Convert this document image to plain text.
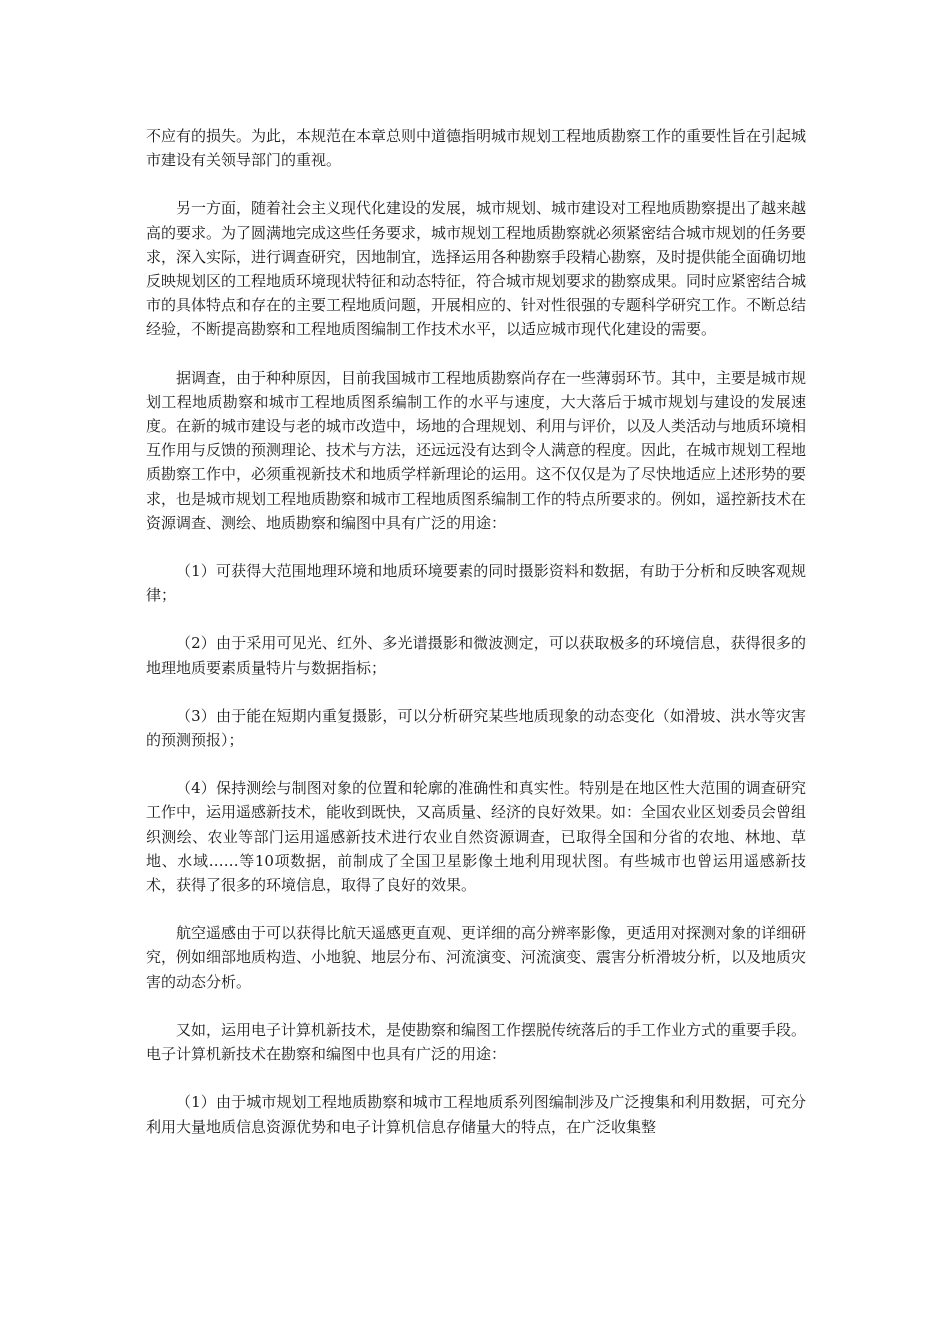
不应有的损失。为此，本规范在本章总则中道德指明城市规划工程地质勘察工作的重要性旨在引起城市建设有关领导部门的重视。

另一方面，随着社会主义现代化建设的发展，城市规划、城市建设对工程地质勘察提出了越来越高的要求。为了圆满地完成这些任务要求，城市规划工程地质勘察就必须紧密结合城市规划的任务要求，深入实际，进行调查研究，因地制宜，选择运用各种勘察手段精心勘察，及时提供能全面确切地反映规划区的工程地质环境现状特征和动态特征，符合城市规划要求的勘察成果。同时应紧密结合城市的具体特点和存在的主要工程地质问题，开展相应的、针对性很强的专题科学研究工作。不断总结经验，不断提高勘察和工程地质图编制工作技术水平，以适应城市现代化建设的需要。

据调查，由于种种原因，目前我国城市工程地质勘察尚存在一些薄弱环节。其中，主要是城市规划工程地质勘察和城市工程地质图系编制工作的水平与速度，大大落后于城市规划与建设的发展速度。在新的城市建设与老的城市改造中，场地的合理规划、利用与评价，以及人类活动与地质环境相互作用与反馈的预测理论、技术与方法，还远远没有达到令人满意的程度。因此，在城市规划工程地质勘察工作中，必须重视新技术和地质学样新理论的运用。这不仅仅是为了尽快地适应上述形势的要求，也是城市规划工程地质勘察和城市工程地质图系编制工作的特点所要求的。例如，遥控新技术在资源调查、测绘、地质勘察和编图中具有广泛的用途：

（1）可获得大范围地理环境和地质环境要素的同时摄影资料和数据，有助于分析和反映客观规律；

（2）由于采用可见光、红外、多光谱摄影和微波测定，可以获取极多的环境信息，获得很多的地理地质要素质量特片与数据指标；

（3）由于能在短期内重复摄影，可以分析研究某些地质现象的动态变化（如滑坡、洪水等灾害的预测预报）；

（4）保持测绘与制图对象的位置和轮廓的准确性和真实性。特别是在地区性大范围的调查研究工作中，运用遥感新技术，能收到既快，又高质量、经济的良好效果。如：全国农业区划委员会曾组织测绘、农业等部门运用遥感新技术进行农业自然资源调查，已取得全国和分省的农地、林地、草地、水域……等10项数据，前制成了全国卫星影像土地利用现状图。有些城市也曾运用遥感新技术，获得了很多的环境信息，取得了良好的效果。

航空遥感由于可以获得比航天遥感更直观、更详细的高分辨率影像，更适用对探测对象的详细研究，例如细部地质构造、小地貌、地层分布、河流演变、河流演变、震害分析滑坡分析，以及地质灾害的动态分析。

又如，运用电子计算机新技术，是使勘察和编图工作摆脱传统落后的手工作业方式的重要手段。电子计算机新技术在勘察和编图中也具有广泛的用途：

（1）由于城市规划工程地质勘察和城市工程地质系列图编制涉及广泛搜集和利用数据，可充分利用大量地质信息资源优势和电子计算机信息存储量大的特点，在广泛收集整
